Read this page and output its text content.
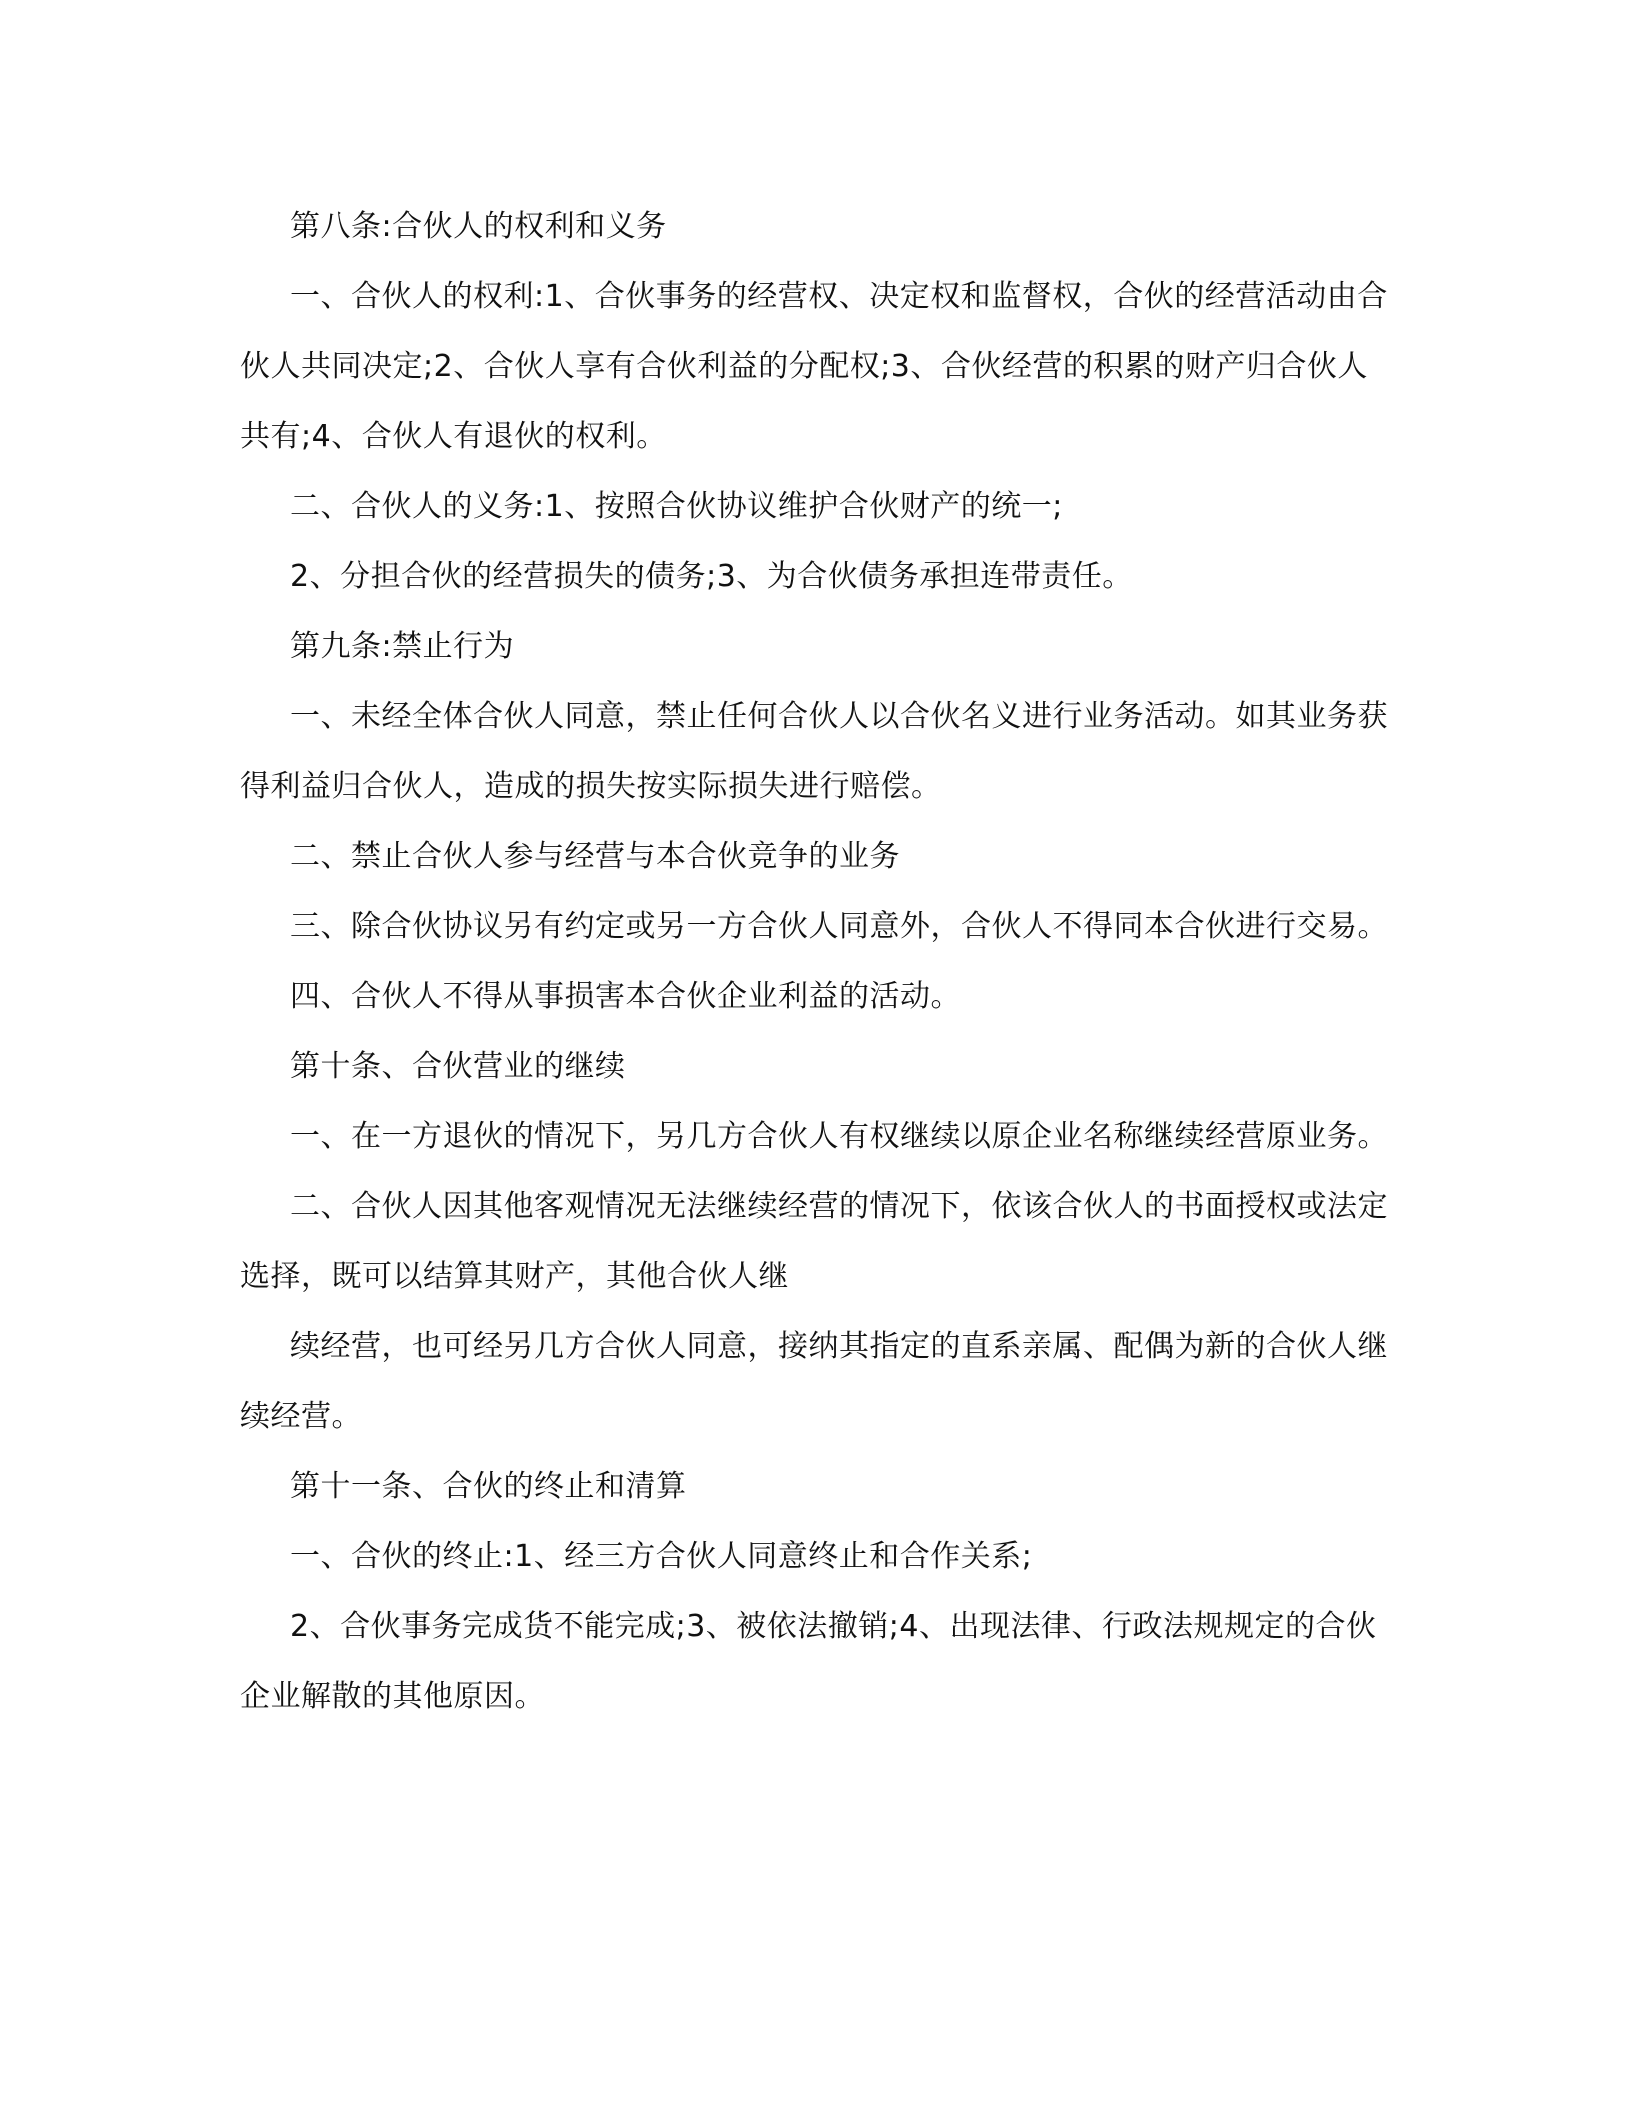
第八条:合伙人的权利和义务

一、合伙人的权利:1、合伙事务的经营权、决定权和监督权，合伙的经营活动由合伙人共同决定;2、合伙人享有合伙利益的分配权;3、合伙经营的积累的财产归合伙人共有;4、合伙人有退伙的权利。

二、合伙人的义务:1、按照合伙协议维护合伙财产的统一;

2、分担合伙的经营损失的债务;3、为合伙债务承担连带责任。

第九条:禁止行为

一、未经全体合伙人同意，禁止任何合伙人以合伙名义进行业务活动。如其业务获得利益归合伙人，造成的损失按实际损失进行赔偿。

二、禁止合伙人参与经营与本合伙竞争的业务

三、除合伙协议另有约定或另一方合伙人同意外，合伙人不得同本合伙进行交易。

四、合伙人不得从事损害本合伙企业利益的活动。

第十条、合伙营业的继续

一、在一方退伙的情况下，另几方合伙人有权继续以原企业名称继续经营原业务。

二、合伙人因其他客观情况无法继续经营的情况下，依该合伙人的书面授权或法定选择，既可以结算其财产，其他合伙人继

续经营，也可经另几方合伙人同意，接纳其指定的直系亲属、配偶为新的合伙人继续经营。

第十一条、合伙的终止和清算

一、合伙的终止:1、经三方合伙人同意终止和合作关系;

2、合伙事务完成货不能完成;3、被依法撤销;4、出现法律、行政法规规定的合伙企业解散的其他原因。
